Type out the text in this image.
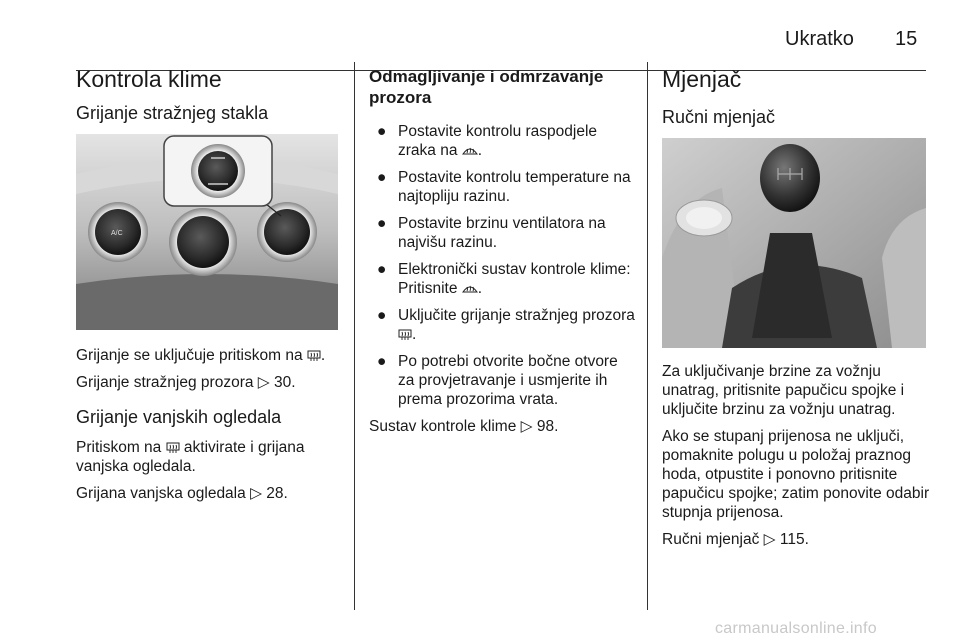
Ukratko 15
Kontrola klime
Grijanje stražnjeg stakla
A/C

Grijanje se uključuje pritiskom na .

Grijanje stražnjeg prozora ▷ 30.

Grijanje vanjskih ogledala

Pritiskom na aktivirate i grijana vanjska ogledala.

Grijana vanjska ogledala ▷ 28.

Odmagljivanje i odmrzavanje prozora
● Postavite kontrolu raspodjele zraka na .
● Postavite kontrolu temperature na najtopliju razinu.
● Postavite brzinu ventilatora na najvišu razinu.
● Elektronički sustav kontrole klime: Pritisnite .
● Uključite grijanje stražnjeg prozora
.
● Po potrebi otvorite bočne otvore za provjetravanje i usmjerite ih prema prozorima vrata.

Sustav kontrole klime ▷ 98.

Mjenjač
Ručni mjenjač

Za uključivanje brzine za vožnju unatrag, pritisnite papučicu spojke i uključite brzinu za vožnju unatrag.

Ako se stupanj prijenosa ne uključi, pomaknite polugu u položaj praznog hoda, otpustite i ponovno pritisnite papučicu spojke; zatim ponovite odabir stupnja prijenosa.

Ručni mjenjač ▷ 115.

carmanualsonline.info
